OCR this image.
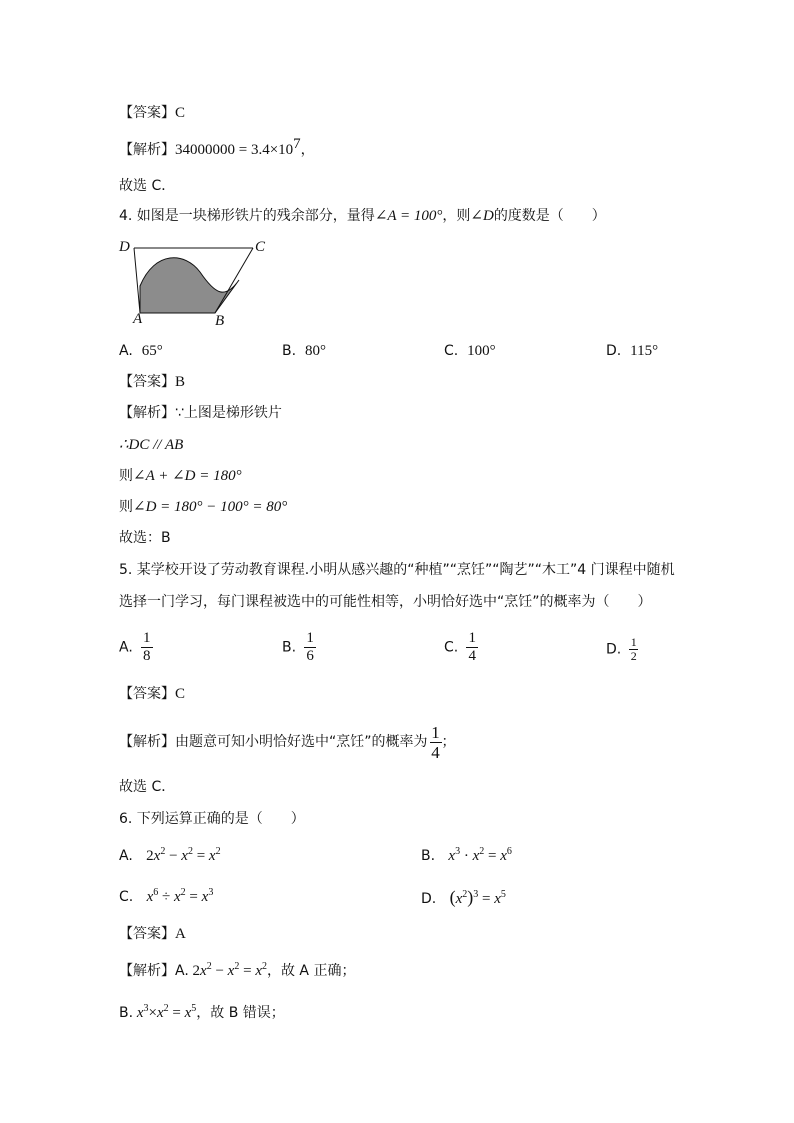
【答案】C
【解析】$34000000 = 3.4\times 10^7$，
故选 C．
4. 如图是一块梯形铁片的残余部分，量得∠A = 100°，则∠D的度数是（　　）
D	C
A	B
A. 65°	B. 80°	C. 100°	D. 115°
【答案】B
【解析】∵上图是梯形铁片
∴DC // AB
则∠A + ∠D = 180°
则∠D = 180° − 100° = 80°
故选：B
5. 某学校开设了劳动教育课程.小明从感兴趣的“种植”“烹饪”“陶艺”“木工”4 门课程中随机
选择一门学习，每门课程被选中的可能性相等，小明恰好选中“烹饪”的概率为（　　）
A. $\frac{1}{8}$	B. $\frac{1}{6}$	C. $\frac{1}{4}$	D. $\frac{1}{2}$
【答案】C
【解析】由题意可知小明恰好选中“烹饪”的概率为 $\frac{1}{4}$ ；
故选 C．
6. 下列运算正确的是（　　）
A. $2x^2 - x^2 = x^2$	B. $x^3 \cdot x^2 = x^6$
C. $x^6 \div x^2 = x^3$	D. $(x^2)^3 = x^5$
【答案】A
【解析】A. $2x^2 - x^2 = x^2$，故 A 正确；
B. $x^3\times x^2 = x^5$，故 B 错误；
